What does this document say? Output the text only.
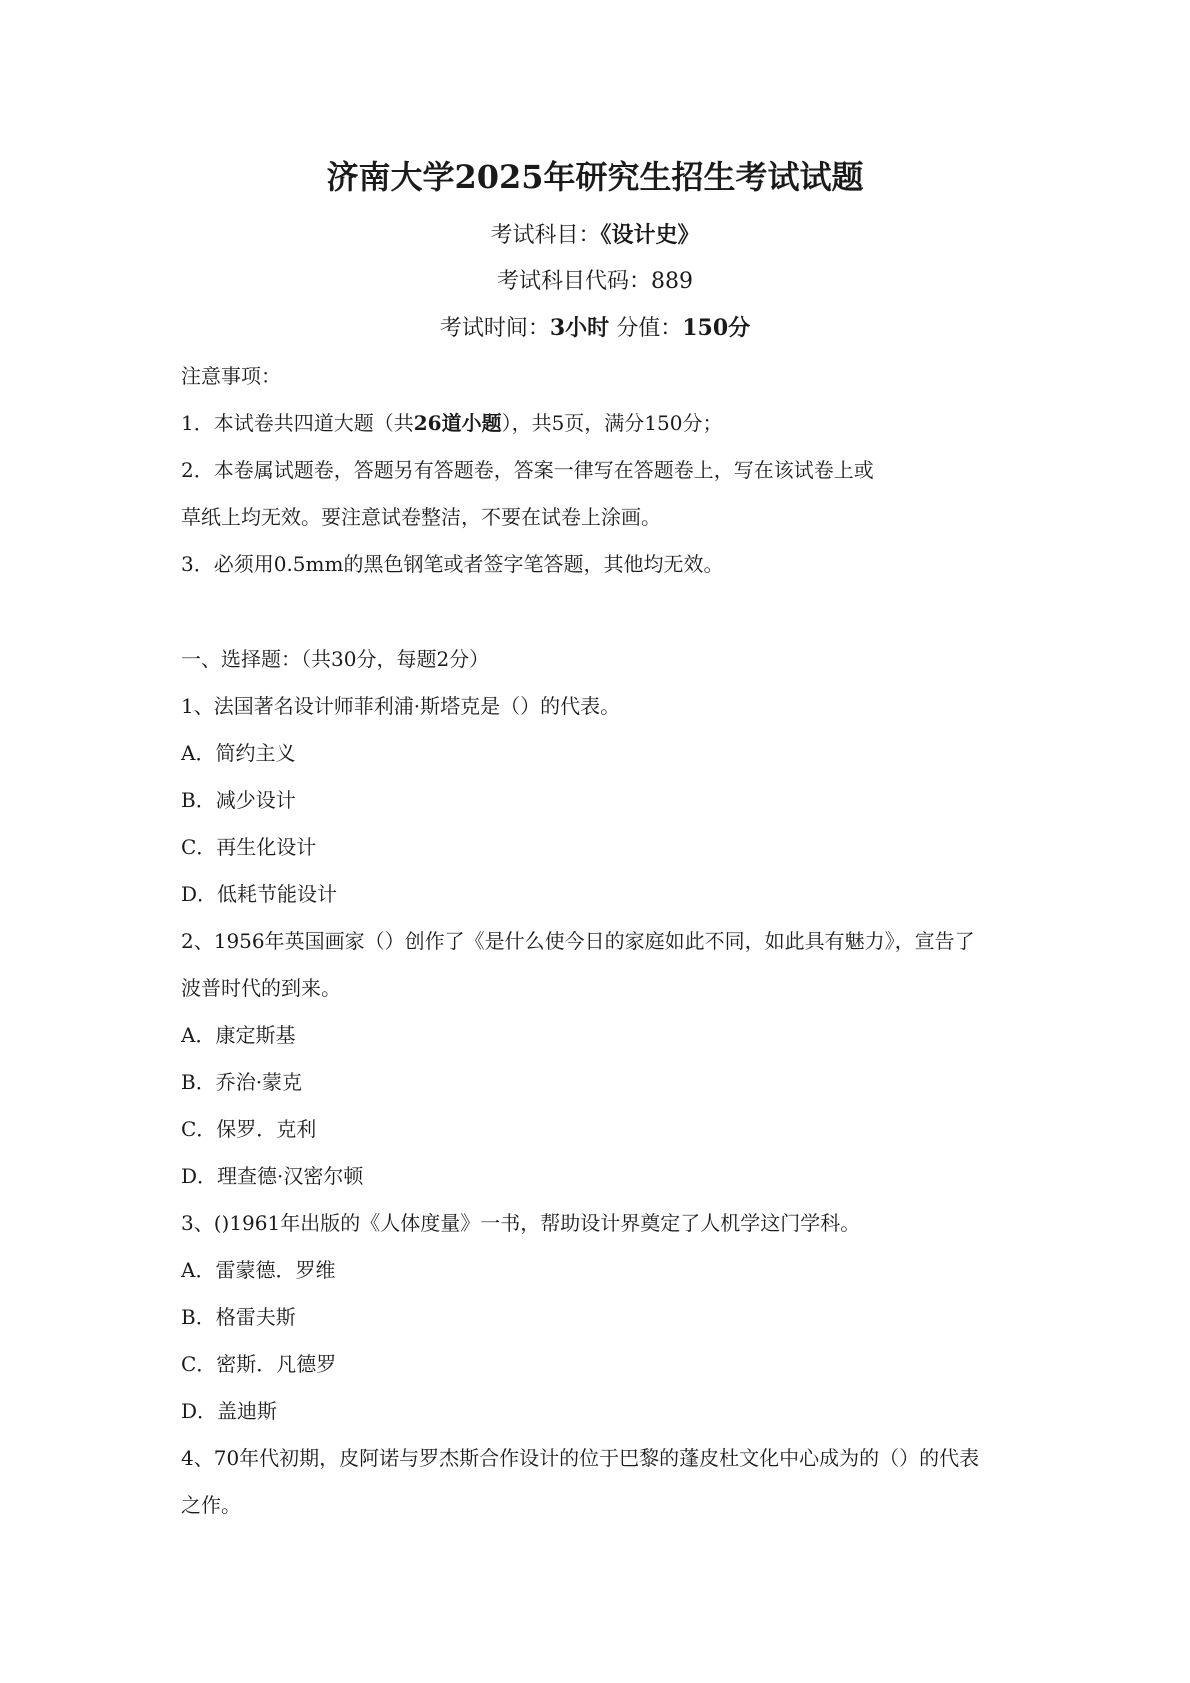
济南大学2025年研究生招生考试试题
考试科目：《设计史》
考试科目代码：889
考试时间：3小时 分值：150分
注意事项：
1．本试卷共四道大题（共26道小题），共5页，满分150分；
2．本卷属试题卷，答题另有答题卷，答案一律写在答题卷上，写在该试卷上或
草纸上均无效。要注意试卷整洁，不要在试卷上涂画。
3．必须用0.5mm的黑色钢笔或者签字笔答题，其他均无效。
一、选择题：（共30分，每题2分）
1、法国著名设计师菲利浦·斯塔克是（）的代表。
A．简约主义
B．减少设计
C．再生化设计
D．低耗节能设计
2、1956年英国画家（）创作了《是什么使今日的家庭如此不同，如此具有魅力》，宣告了
波普时代的到来。
A．康定斯基
B．乔治·蒙克
C．保罗．克利
D．理查德·汉密尔顿
3、()1961年出版的《人体度量》一书，帮助设计界奠定了人机学这门学科。
A．雷蒙德．罗维
B．格雷夫斯
C．密斯．凡德罗
D．盖迪斯
4、70年代初期，皮阿诺与罗杰斯合作设计的位于巴黎的蓬皮杜文化中心成为的（）的代表
之作。
